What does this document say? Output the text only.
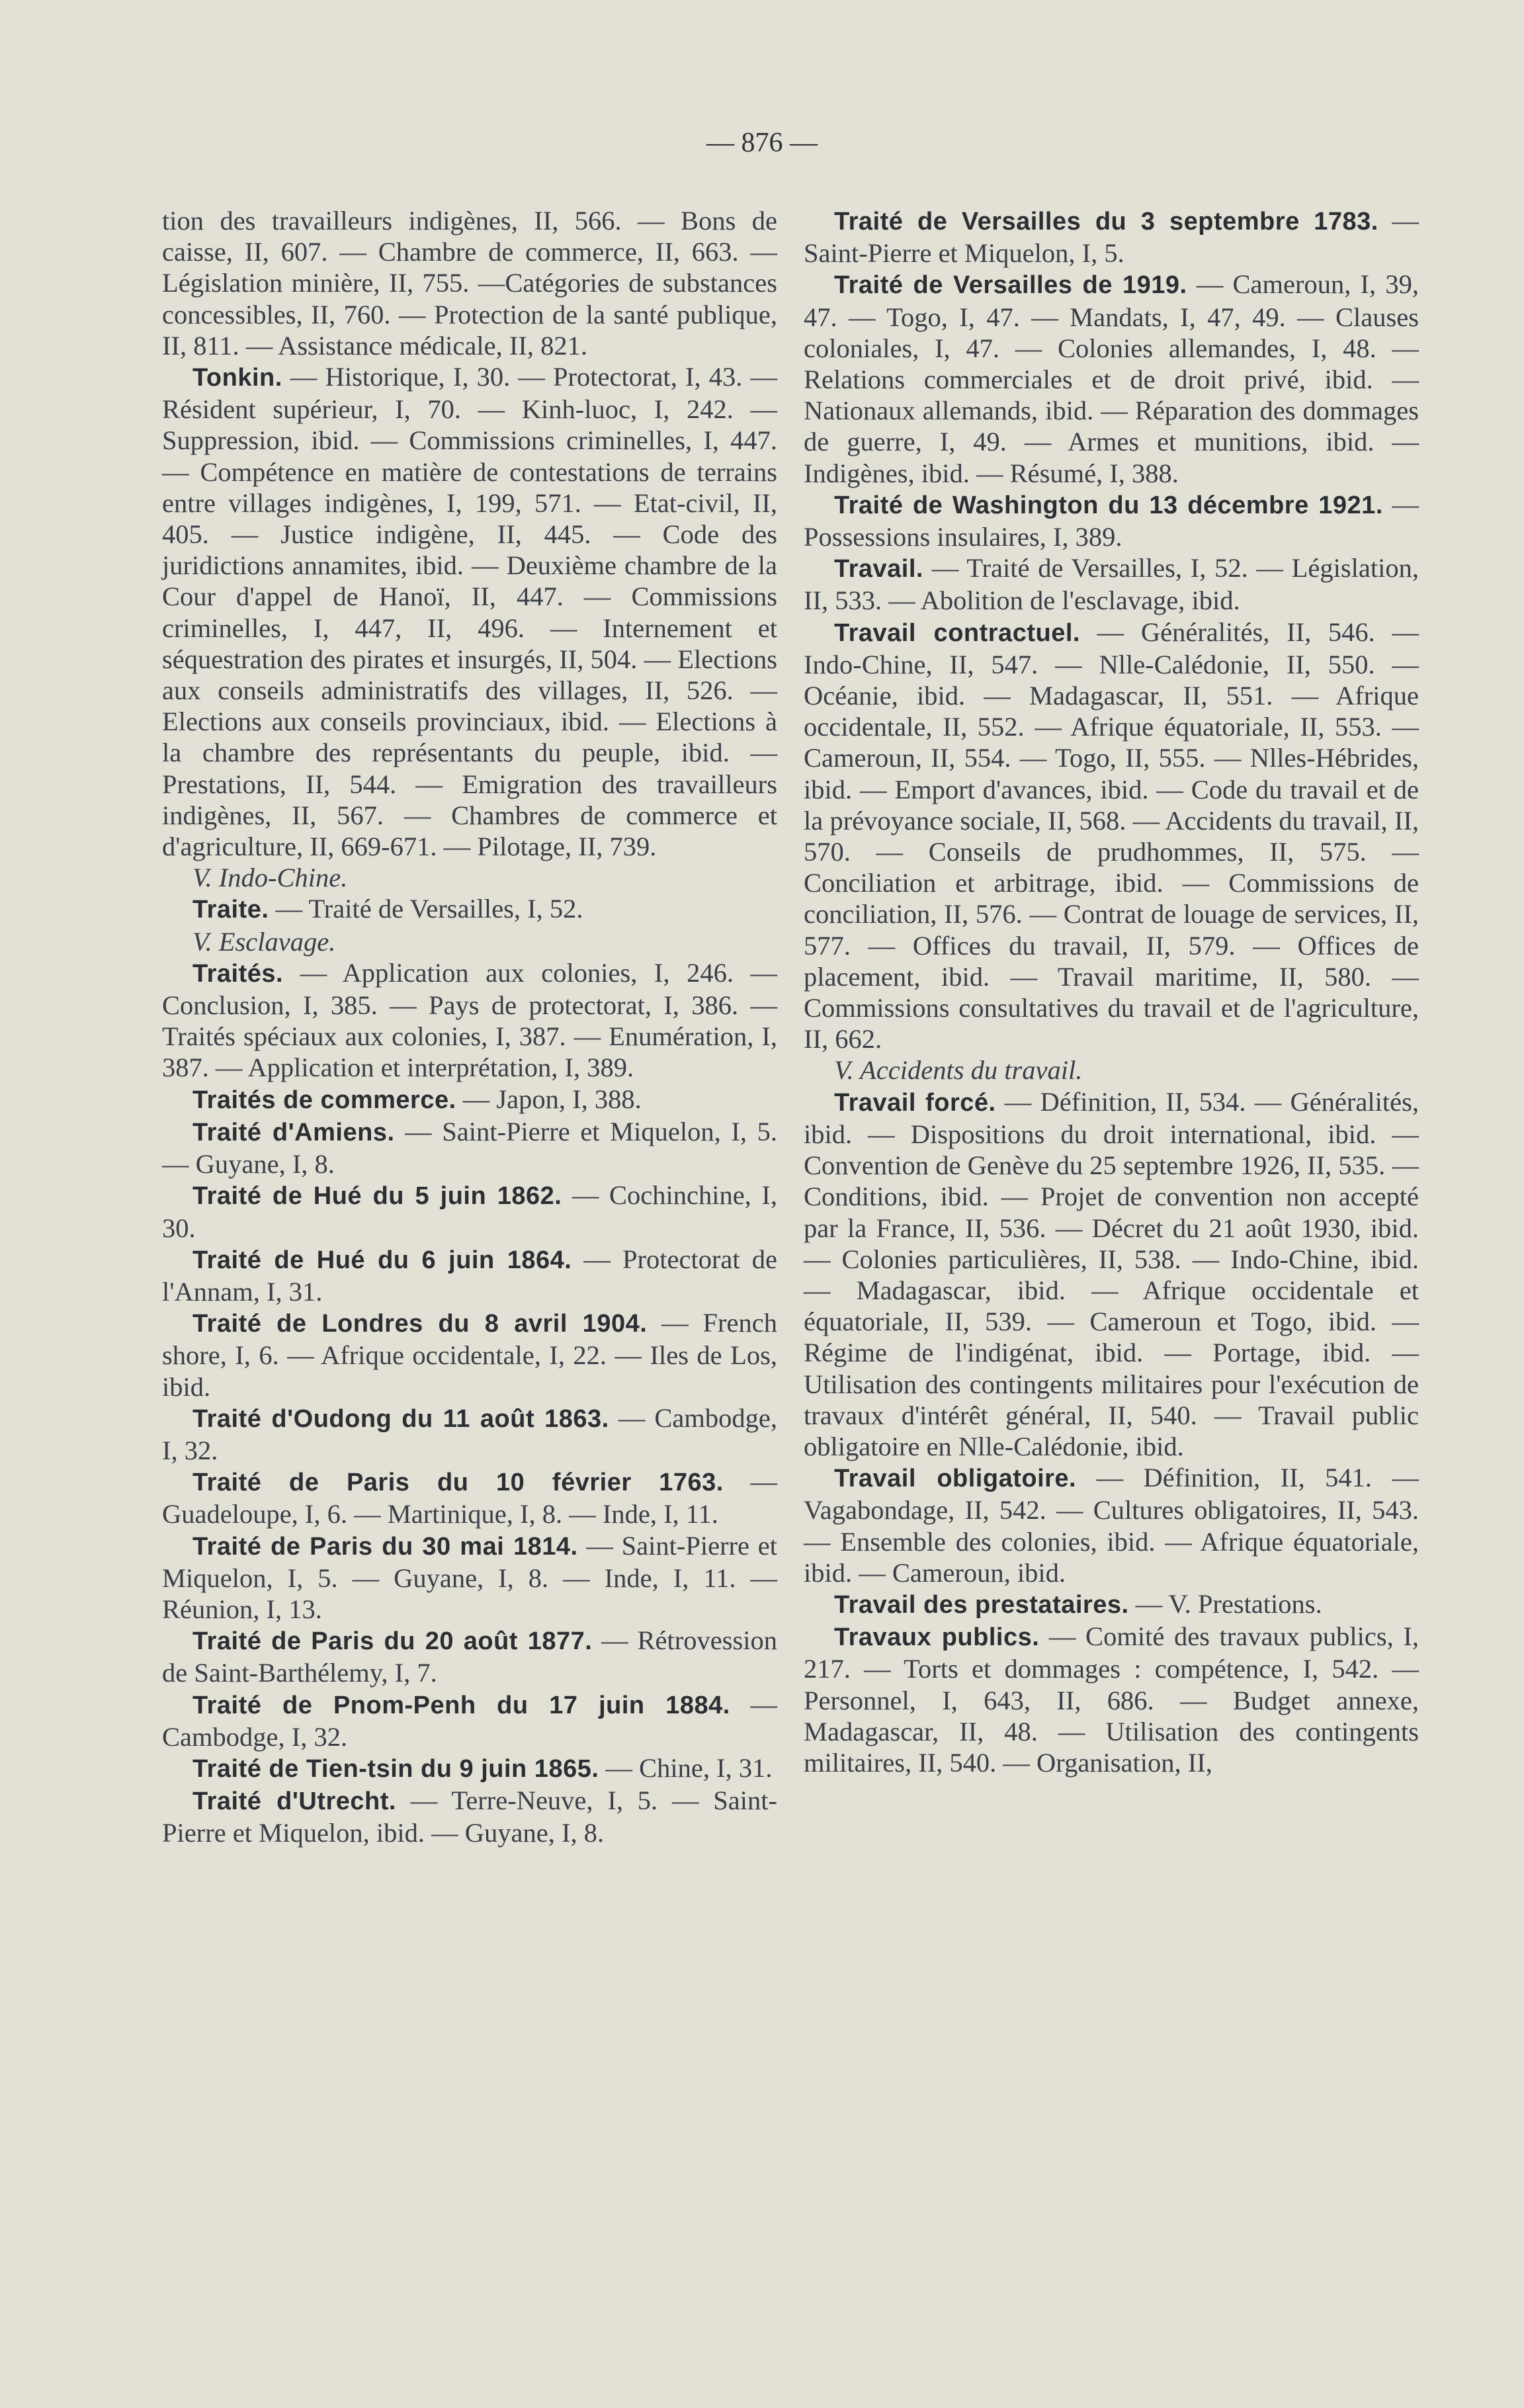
— 876 —

tion des travailleurs indigènes, II, 566. — Bons de caisse, II, 607. — Chambre de commerce, II, 663. — Législation minière, II, 755. —Catégories de substances concessibles, II, 760. — Protection de la santé publique, II, 811. — Assistance médicale, II, 821.

Tonkin. — Historique, I, 30. — Protectorat, I, 43. — Résident supérieur, I, 70. — Kinh-luoc, I, 242. — Suppression, ibid. — Commissions criminelles, I, 447. — Compétence en matière de contestations de terrains entre villages indigènes, I, 199, 571. — Etat-civil, II, 405. — Justice indigène, II, 445. — Code des juridictions annamites, ibid. — Deuxième chambre de la Cour d'appel de Hanoï, II, 447. — Commissions criminelles, I, 447, II, 496. — Internement et séquestration des pirates et insurgés, II, 504. — Elections aux conseils administratifs des villages, II, 526. — Elections aux conseils provinciaux, ibid. — Elections à la chambre des représentants du peuple, ibid. — Prestations, II, 544. — Emigration des travailleurs indigènes, II, 567. — Chambres de commerce et d'agriculture, II, 669-671. — Pilotage, II, 739.

V. Indo-Chine.

Traite. — Traité de Versailles, I, 52.

V. Esclavage.

Traités. — Application aux colonies, I, 246. — Conclusion, I, 385. — Pays de protectorat, I, 386. — Traités spéciaux aux colonies, I, 387. — Enumération, I, 387. — Application et interprétation, I, 389.

Traités de commerce. — Japon, I, 388.

Traité d'Amiens. — Saint-Pierre et Miquelon, I, 5. — Guyane, I, 8.

Traité de Hué du 5 juin 1862. — Cochinchine, I, 30.

Traité de Hué du 6 juin 1864. — Protectorat de l'Annam, I, 31.

Traité de Londres du 8 avril 1904. — French shore, I, 6. — Afrique occidentale, I, 22. — Iles de Los, ibid.

Traité d'Oudong du 11 août 1863. — Cambodge, I, 32.

Traité de Paris du 10 février 1763. — Guadeloupe, I, 6. — Martinique, I, 8. — Inde, I, 11.

Traité de Paris du 30 mai 1814. — Saint-Pierre et Miquelon, I, 5. — Guyane, I, 8. — Inde, I, 11. — Réunion, I, 13.

Traité de Paris du 20 août 1877. — Rétrovession de Saint-Barthélemy, I, 7.

Traité de Pnom-Penh du 17 juin 1884. — Cambodge, I, 32.

Traité de Tien-tsin du 9 juin 1865. — Chine, I, 31.

Traité d'Utrecht. — Terre-Neuve, I, 5. — Saint-Pierre et Miquelon, ibid. — Guyane, I, 8.

Traité de Versailles du 3 septembre 1783. — Saint-Pierre et Miquelon, I, 5.

Traité de Versailles de 1919. — Cameroun, I, 39, 47. — Togo, I, 47. — Mandats, I, 47, 49. — Clauses coloniales, I, 47. — Colonies allemandes, I, 48. — Relations commerciales et de droit privé, ibid. — Nationaux allemands, ibid. — Réparation des dommages de guerre, I, 49. — Armes et munitions, ibid. — Indigènes, ibid. — Résumé, I, 388.

Traité de Washington du 13 décembre 1921. — Possessions insulaires, I, 389.

Travail. — Traité de Versailles, I, 52. — Législation, II, 533. — Abolition de l'esclavage, ibid.

Travail contractuel. — Généralités, II, 546. — Indo-Chine, II, 547. — Nlle-Calédonie, II, 550. — Océanie, ibid. — Madagascar, II, 551. — Afrique occidentale, II, 552. — Afrique équatoriale, II, 553. — Cameroun, II, 554. — Togo, II, 555. — Nlles-Hébrides, ibid. — Emport d'avances, ibid. — Code du travail et de la prévoyance sociale, II, 568. — Accidents du travail, II, 570. — Conseils de prudhommes, II, 575. — Conciliation et arbitrage, ibid. — Commissions de conciliation, II, 576. — Contrat de louage de services, II, 577. — Offices du travail, II, 579. — Offices de placement, ibid. — Travail maritime, II, 580. — Commissions consultatives du travail et de l'agriculture, II, 662.

V. Accidents du travail.

Travail forcé. — Définition, II, 534. — Généralités, ibid. — Dispositions du droit international, ibid. — Convention de Genève du 25 septembre 1926, II, 535. — Conditions, ibid. — Projet de convention non accepté par la France, II, 536. — Décret du 21 août 1930, ibid. — Colonies particulières, II, 538. — Indo-Chine, ibid. — Madagascar, ibid. — Afrique occidentale et équatoriale, II, 539. — Cameroun et Togo, ibid. — Régime de l'indigénat, ibid. — Portage, ibid. — Utilisation des contingents militaires pour l'exécution de travaux d'intérêt général, II, 540. — Travail public obligatoire en Nlle-Calédonie, ibid.

Travail obligatoire. — Définition, II, 541. — Vagabondage, II, 542. — Cultures obligatoires, II, 543. — Ensemble des colonies, ibid. — Afrique équatoriale, ibid. — Cameroun, ibid.

Travail des prestataires. — V. Prestations.

Travaux publics. — Comité des travaux publics, I, 217. — Torts et dommages : compétence, I, 542. — Personnel, I, 643, II, 686. — Budget annexe, Madagascar, II, 48. — Utilisation des contingents militaires, II, 540. — Organisation, II,
